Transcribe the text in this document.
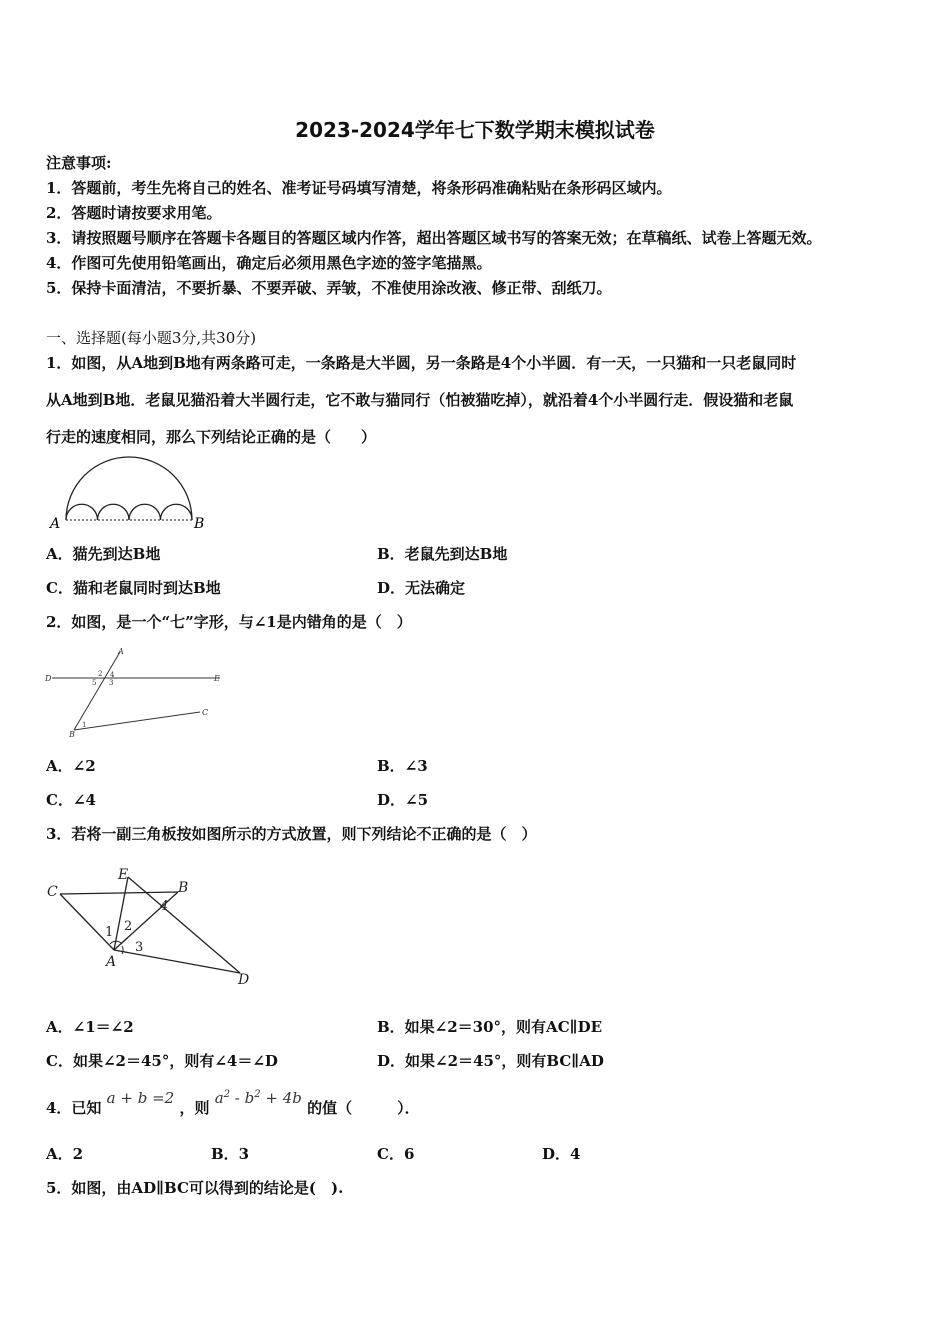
2023-2024学年七下数学期末模拟试卷
注意事项:
1．答题前，考生先将自己的姓名、准考证号码填写清楚，将条形码准确粘贴在条形码区域内。
2．答题时请按要求用笔。
3．请按照题号顺序在答题卡各题目的答题区域内作答，超出答题区域书写的答案无效；在草稿纸、试卷上答题无效。
4．作图可先使用铅笔画出，确定后必须用黑色字迹的签字笔描黑。
5．保持卡面清洁，不要折暴、不要弄破、弄皱，不准使用涂改液、修正带、刮纸刀。
一、选择题(每小题3分,共30分)
1．如图，从A地到B地有两条路可走，一条路是大半圆，另一条路是4个小半圆．有一天，一只猫和一只老鼠同时
从A地到B地．老鼠见猫沿着大半圆行走，它不敢与猫同行（怕被猫吃掉），就沿着4个小半圆行走．假设猫和老鼠
行走的速度相同，那么下列结论正确的是（　　）
A	B
A．猫先到达B地	B．老鼠先到达B地
C．猫和老鼠同时到达B地	D．无法确定
2．如图，是一个“七”字形，与∠1是内错角的是（　）
A
D	E
C
B
2 4
5 3
1
A．∠2	B．∠3
C．∠4	D．∠5
3．若将一副三角板按如图所示的方式放置，则下列结论不正确的是（　）
C
E
B
A
D
1 2
3
4
A．∠1＝∠2	B．如果∠2＝30°，则有AC∥DE
C．如果∠2＝45°，则有∠4＝∠D	D．如果∠2＝45°，则有BC∥AD
4．已知 a + b =2 ，则 $a^2 - b^2 + 4b$ 的值（　　　）．
A．2	B．3	C．6	D．4
5．如图，由AD∥BC可以得到的结论是(　).
